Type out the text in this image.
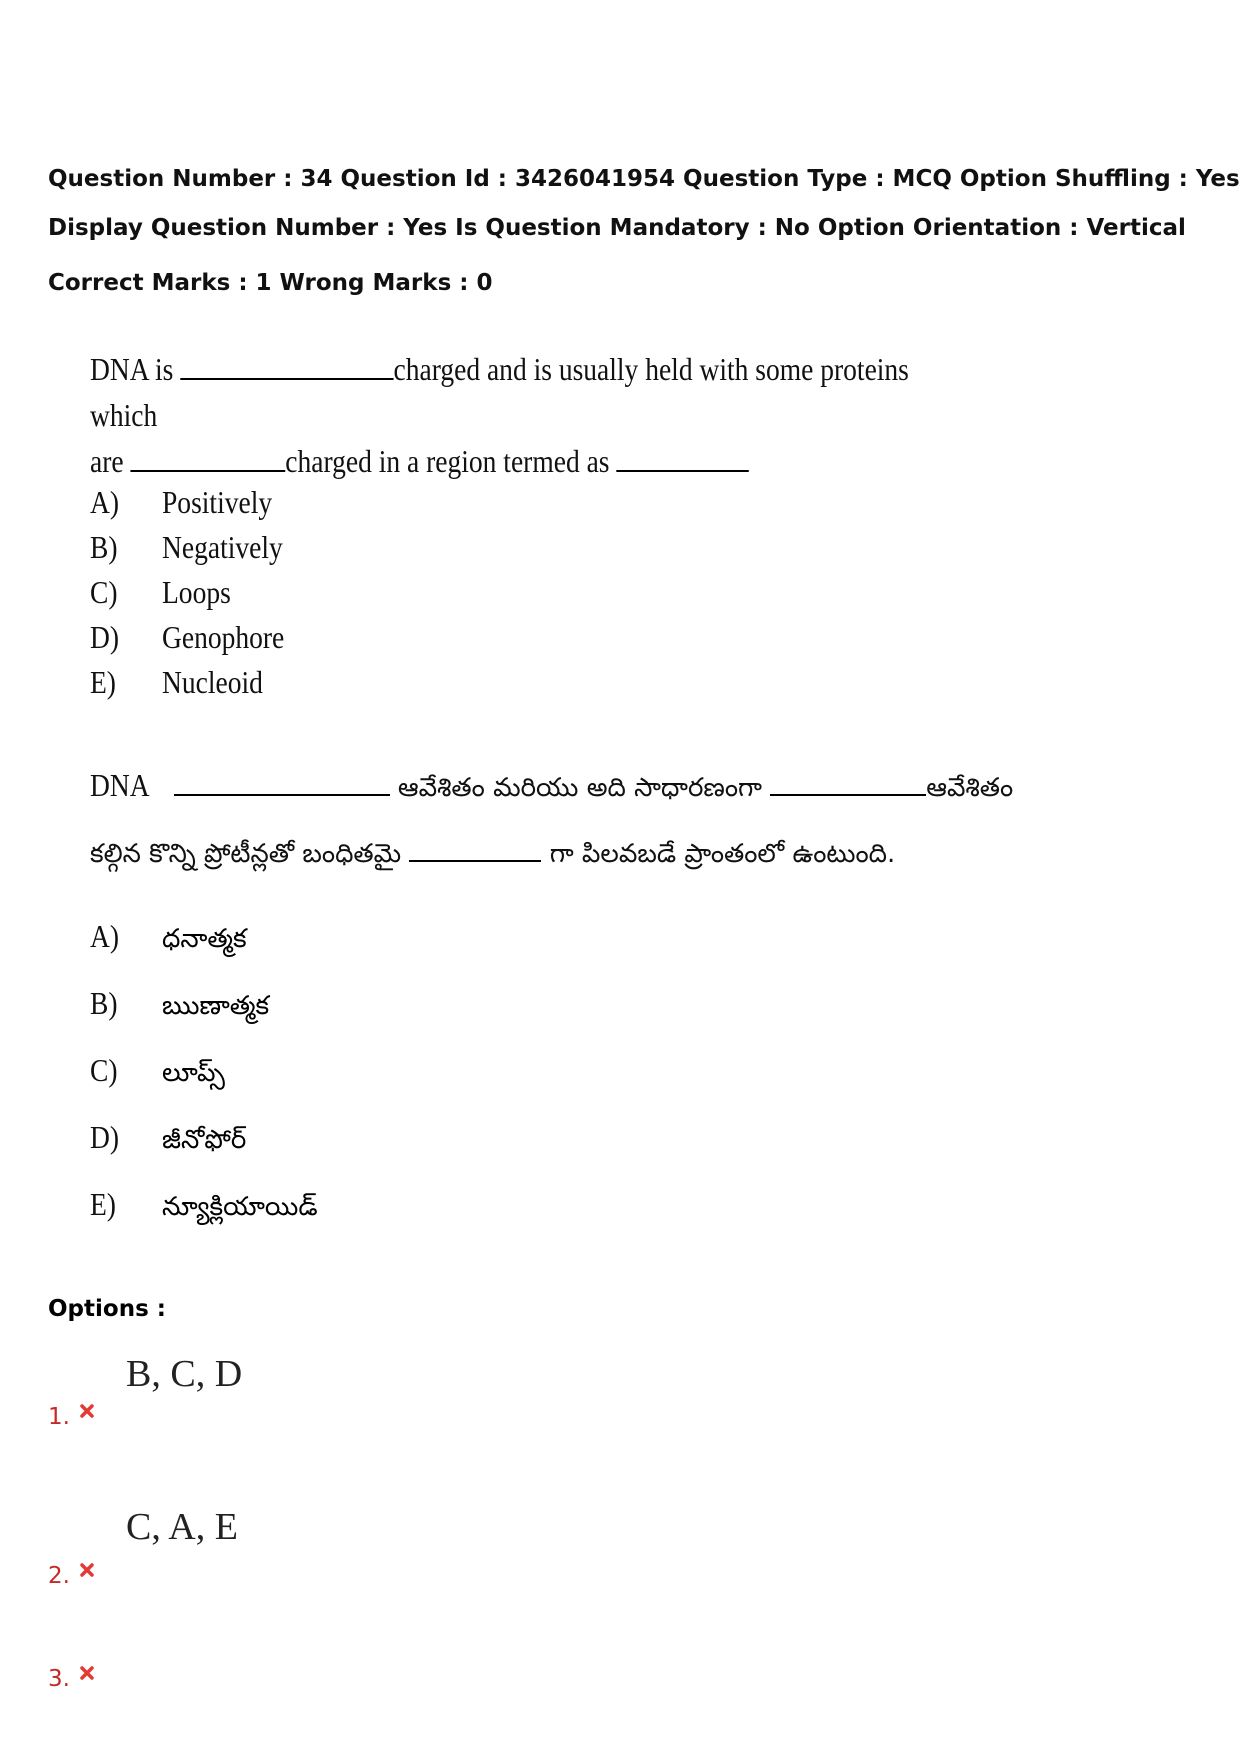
Question Number : 34 Question Id : 3426041954 Question Type : MCQ Option Shuffling : Yes
Display Question Number : Yes Is Question Mandatory : No Option Orientation : Vertical
Correct Marks : 1 Wrong Marks : 0
DNA is	charged and is usually held with some proteins which
are	charged in a region termed as
A)	Positively
B)	Negatively
C)	Loops
D)	Genophore
E)	Nucleoid
DNA	ఆవేశితం మరియు అది సాధారణంగా	ఆవేశితం
కల్గిన కొన్ని ప్రోటీన్లతో బంధితమై	గా పిలవబడే ప్రాంతంలో ఉంటుంది.
A)	ధనాత్మక
B)	ఋణాత్మక
C)	లూప్స్
D)	జీనోఫోర్
E)	న్యూక్లియాయిడ్
Options :
B, C, D
1.
C, A, E
2.
3.
